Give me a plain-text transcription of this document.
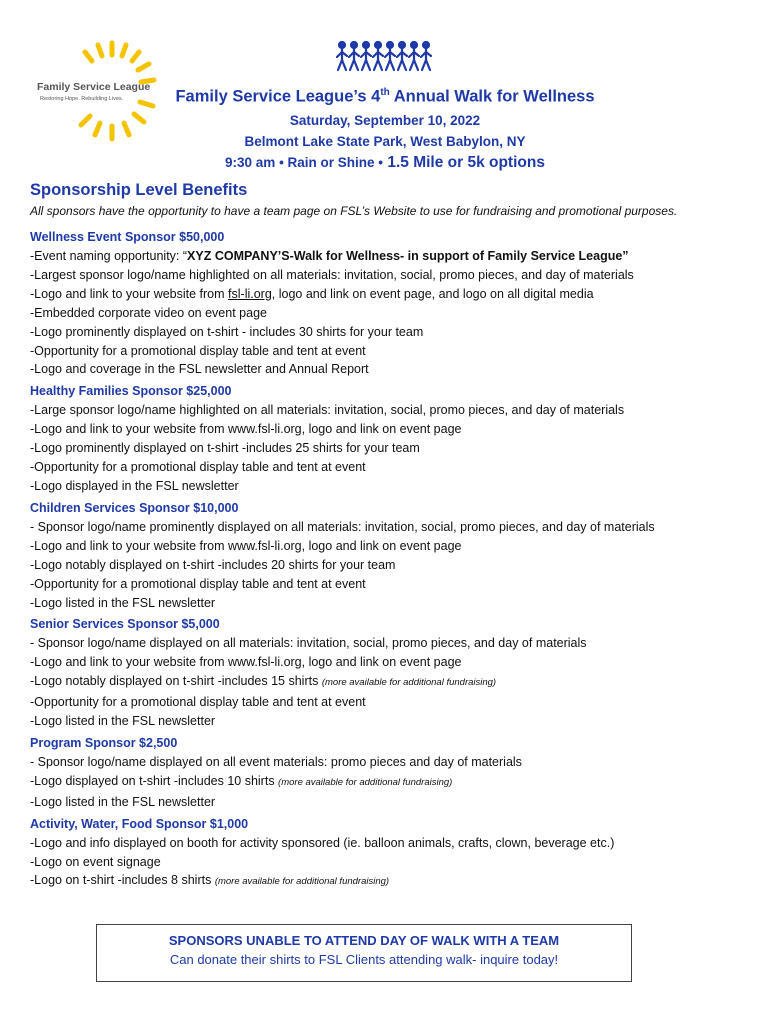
Family Service League
Restoring Hope. Rebuilding Lives.	Family Service League’s 4th Annual Walk for Wellness
Saturday, September 10, 2022
Belmont Lake State Park, West Babylon, NY
9:30 am • Rain or Shine • 1.5 Mile or 5k options
Sponsorship Level Benefits
All sponsors have the opportunity to have a team page on FSL’s Website to use for fundraising and promotional purposes.
Wellness Event Sponsor $50,000
-Event naming opportunity: “XYZ COMPANY’S-Walk for Wellness- in support of Family Service League”
-Largest sponsor logo/name highlighted on all materials: invitation, social, promo pieces, and day of materials
-Logo and link to your website from fsl-li.org, logo and link on event page, and logo on all digital media
-Embedded corporate video on event page
-Logo prominently displayed on t-shirt - includes 30 shirts for your team
-Opportunity for a promotional display table and tent at event
-Logo and coverage in the FSL newsletter and Annual Report
Healthy Families Sponsor $25,000
-Large sponsor logo/name highlighted on all materials: invitation, social, promo pieces, and day of materials
-Logo and link to your website from www.fsl-li.org, logo and link on event page
-Logo prominently displayed on t-shirt -includes 25 shirts for your team
-Opportunity for a promotional display table and tent at event
-Logo displayed in the FSL newsletter
Children Services Sponsor $10,000
- Sponsor logo/name prominently displayed on all materials: invitation, social, promo pieces, and day of materials
-Logo and link to your website from www.fsl-li.org, logo and link on event page
-Logo notably displayed on t-shirt -includes 20 shirts for your team
-Opportunity for a promotional display table and tent at event
-Logo listed in the FSL newsletter
Senior Services Sponsor $5,000
- Sponsor logo/name displayed on all materials: invitation, social, promo pieces, and day of materials
-Logo and link to your website from www.fsl-li.org, logo and link on event page
-Logo notably displayed on t-shirt -includes 15 shirts (more available for additional fundraising)
-Opportunity for a promotional display table and tent at event
-Logo listed in the FSL newsletter
Program Sponsor $2,500
- Sponsor logo/name displayed on all event materials: promo pieces and day of materials
-Logo displayed on t-shirt -includes 10 shirts (more available for additional fundraising)
-Logo listed in the FSL newsletter
Activity, Water, Food Sponsor $1,000
-Logo and info displayed on booth for activity sponsored (ie. balloon animals, crafts, clown, beverage etc.)
-Logo on event signage
-Logo on t-shirt -includes 8 shirts (more available for additional fundraising)
SPONSORS UNABLE TO ATTEND DAY OF WALK WITH A TEAM
Can donate their shirts to FSL Clients attending walk- inquire today!
